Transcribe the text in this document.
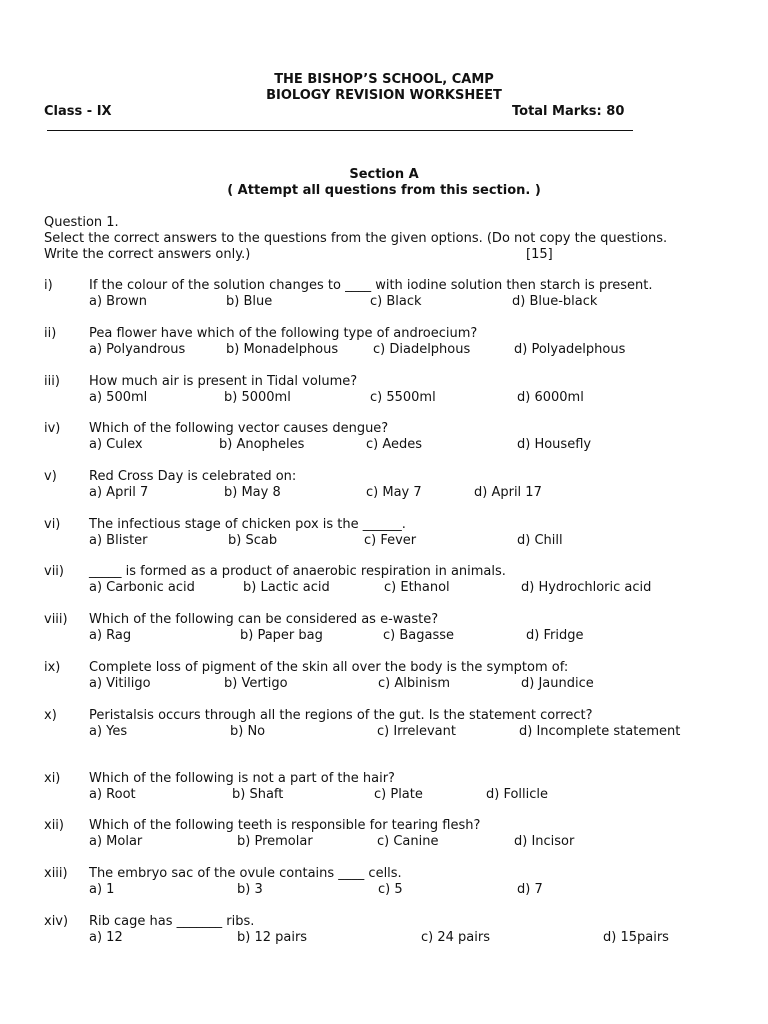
THE BISHOP’S SCHOOL, CAMP
BIOLOGY REVISION WORKSHEET
Class - IX	Total Marks: 80
Section A
( Attempt all questions from this section. )
Question 1.
Select the correct answers to the questions from the given options. (Do not copy the questions.
Write the correct answers only.)	[15]
i)	If the colour of the solution changes to ____ with iodine solution then starch is present.
a) Brown	b) Blue	c) Black	d) Blue-black
ii)	Pea flower have which of the following type of androecium?
a) Polyandrous	b) Monadelphous	c) Diadelphous	d) Polyadelphous
iii) How much air is present in Tidal volume?
a) 500ml	b) 5000ml	c) 5500ml	d) 6000ml
iv) Which of the following vector causes dengue?
a) Culex	b) Anopheles	c) Aedes	d) Housefly
v) Red Cross Day is celebrated on:
a) April 7	b) May 8	c) May 7	d) April 17
vi) The infectious stage of chicken pox is the ______.
a) Blister	b) Scab	c) Fever	d) Chill
vii) _____ is formed as a product of anaerobic respiration in animals.
a) Carbonic acid	b) Lactic acid	c) Ethanol	d) Hydrochloric acid
viii) Which of the following can be considered as e-waste?
a) Rag	b) Paper bag	c) Bagasse	d) Fridge
ix) Complete loss of pigment of the skin all over the body is the symptom of:
a) Vitiligo	b) Vertigo	c) Albinism	d) Jaundice
x) Peristalsis occurs through all the regions of the gut. Is the statement correct?
a) Yes	b) No	c) Irrelevant	d) Incomplete statement
xi) Which of the following is not a part of the hair?
a) Root	b) Shaft	c) Plate	d) Follicle
xii) Which of the following teeth is responsible for tearing flesh?
a) Molar	b) Premolar	c) Canine	d) Incisor
xiii) The embryo sac of the ovule contains ____ cells.
a) 1	b) 3	c) 5	d) 7
xiv) Rib cage has _______ ribs.
a) 12	b) 12 pairs	c) 24 pairs	d) 15pairs
